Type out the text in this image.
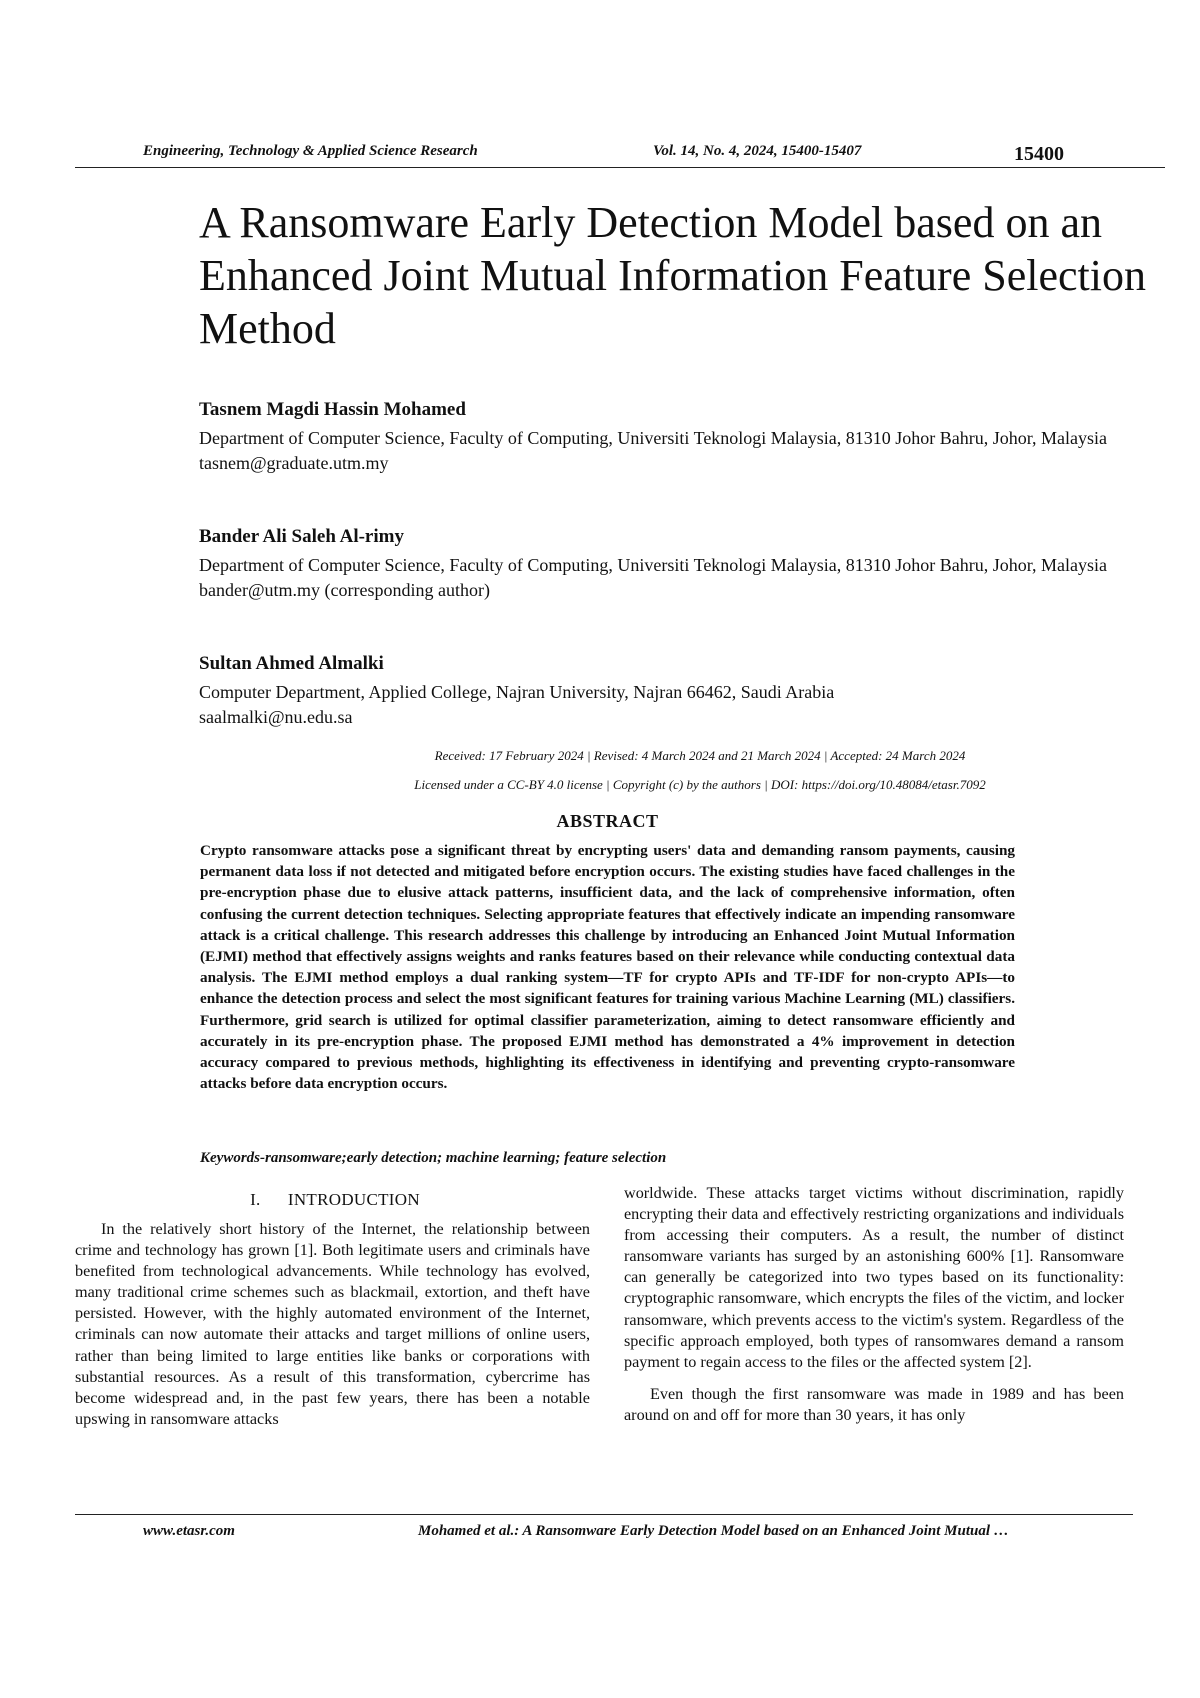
Engineering, Technology & Applied Science Research	Vol. 14, No. 4, 2024, 15400-15407	15400
A Ransomware Early Detection Model based on an Enhanced Joint Mutual Information Feature Selection Method
Tasnem Magdi Hassin Mohamed
Department of Computer Science, Faculty of Computing, Universiti Teknologi Malaysia, 81310 Johor Bahru, Johor, Malaysia
tasnem@graduate.utm.my
Bander Ali Saleh Al-rimy
Department of Computer Science, Faculty of Computing, Universiti Teknologi Malaysia, 81310 Johor Bahru, Johor, Malaysia
bander@utm.my (corresponding author)
Sultan Ahmed Almalki
Computer Department, Applied College, Najran University, Najran 66462, Saudi Arabia
saalmalki@nu.edu.sa
Received: 17 February 2024 | Revised: 4 March 2024 and 21 March 2024 | Accepted: 24 March 2024
Licensed under a CC-BY 4.0 license | Copyright (c) by the authors | DOI: https://doi.org/10.48084/etasr.7092
ABSTRACT
Crypto ransomware attacks pose a significant threat by encrypting users' data and demanding ransom payments, causing permanent data loss if not detected and mitigated before encryption occurs. The existing studies have faced challenges in the pre-encryption phase due to elusive attack patterns, insufficient data, and the lack of comprehensive information, often confusing the current detection techniques. Selecting appropriate features that effectively indicate an impending ransomware attack is a critical challenge. This research addresses this challenge by introducing an Enhanced Joint Mutual Information (EJMI) method that effectively assigns weights and ranks features based on their relevance while conducting contextual data analysis. The EJMI method employs a dual ranking system—TF for crypto APIs and TF-IDF for non-crypto APIs—to enhance the detection process and select the most significant features for training various Machine Learning (ML) classifiers. Furthermore, grid search is utilized for optimal classifier parameterization, aiming to detect ransomware efficiently and accurately in its pre-encryption phase. The proposed EJMI method has demonstrated a 4% improvement in detection accuracy compared to previous methods, highlighting its effectiveness in identifying and preventing crypto-ransomware attacks before data encryption occurs.
Keywords-ransomware;early detection; machine learning; feature selection
I.      INTRODUCTION

In the relatively short history of the Internet, the relationship between crime and technology has grown [1]. Both legitimate users and criminals have benefited from technological advancements. While technology has evolved, many traditional crime schemes such as blackmail, extortion, and theft have persisted. However, with the highly automated environment of the Internet, criminals can now automate their attacks and target millions of online users, rather than being limited to large entities like banks or corporations with substantial resources. As a result of this transformation, cybercrime has become widespread and, in the past few years, there has been a notable upswing in ransomware attacks

worldwide. These attacks target victims without discrimination, rapidly encrypting their data and effectively restricting organizations and individuals from accessing their computers. As a result, the number of distinct ransomware variants has surged by an astonishing 600% [1]. Ransomware can generally be categorized into two types based on its functionality: cryptographic ransomware, which encrypts the files of the victim, and locker ransomware, which prevents access to the victim's system. Regardless of the specific approach employed, both types of ransomwares demand a ransom payment to regain access to the files or the affected system [2].

Even though the first ransomware was made in 1989 and has been around on and off for more than 30 years, it has only

www.etasr.com	Mohamed et al.: A Ransomware Early Detection Model based on an Enhanced Joint Mutual …
